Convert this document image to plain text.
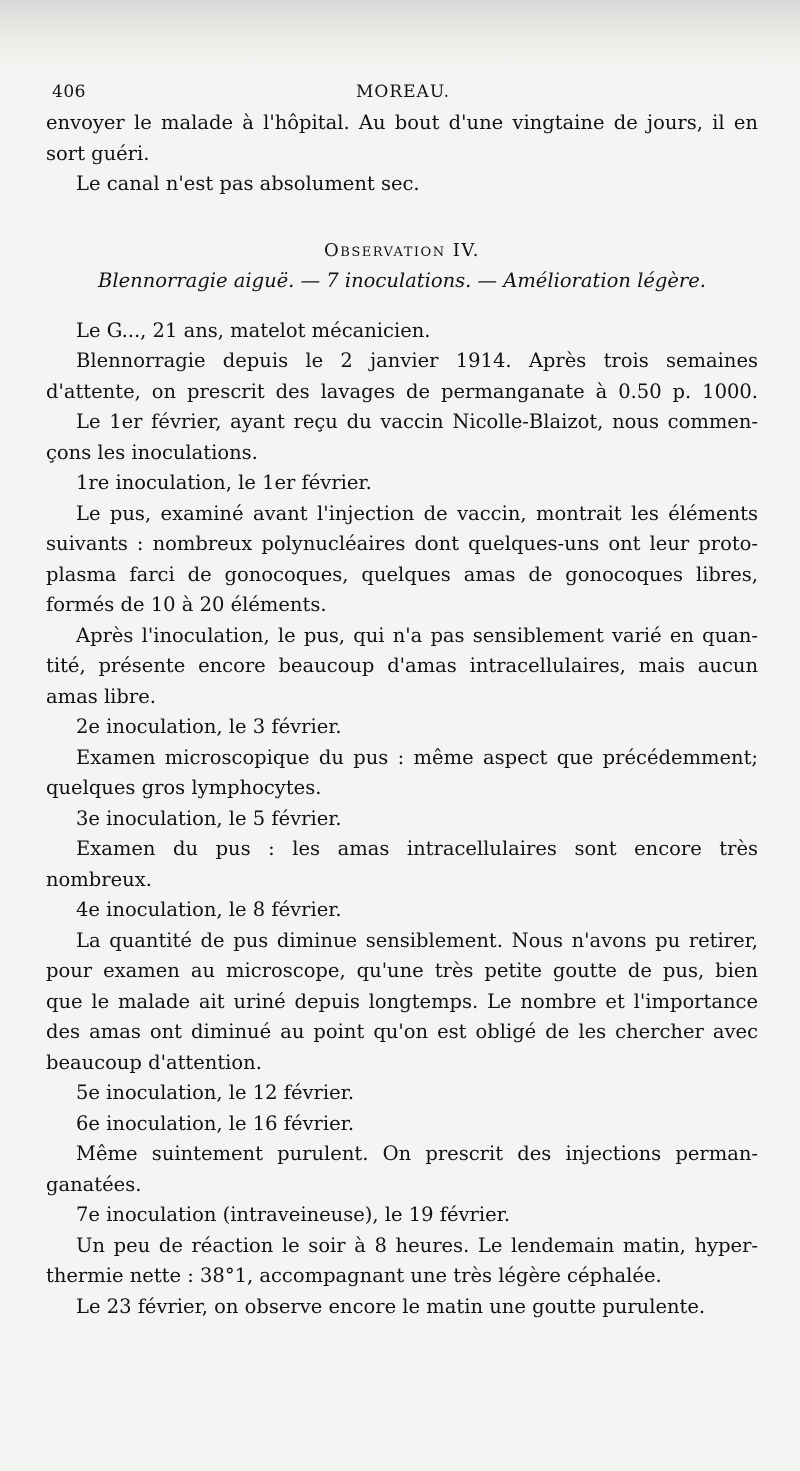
406	MOREAU.
envoyer le malade à l'hôpital. Au bout d'une vingtaine de jours, il en
sort guéri.
Le canal n'est pas absolument sec.
Observation IV.
Blennorragie aiguë. — 7 inoculations. — Amélioration légère.
Le G..., 21 ans, matelot mécanicien.
Blennorragie depuis le 2 janvier 1914. Après trois semaines
d'attente, on prescrit des lavages de permanganate à 0.50 p. 1000.
Le 1er février, ayant reçu du vaccin Nicolle-Blaizot, nous commen-
çons les inoculations.
1re inoculation, le 1er février.
Le pus, examiné avant l'injection de vaccin, montrait les éléments
suivants : nombreux polynucléaires dont quelques-uns ont leur proto-
plasma farci de gonocoques, quelques amas de gonocoques libres,
formés de 10 à 20 éléments.
Après l'inoculation, le pus, qui n'a pas sensiblement varié en quan-
tité, présente encore beaucoup d'amas intracellulaires, mais aucun
amas libre.
2e inoculation, le 3 février.
Examen microscopique du pus : même aspect que précédemment;
quelques gros lymphocytes.
3e inoculation, le 5 février.
Examen du pus : les amas intracellulaires sont encore très
nombreux.
4e inoculation, le 8 février.
La quantité de pus diminue sensiblement. Nous n'avons pu retirer,
pour examen au microscope, qu'une très petite goutte de pus, bien
que le malade ait uriné depuis longtemps. Le nombre et l'importance
des amas ont diminué au point qu'on est obligé de les chercher avec
beaucoup d'attention.
5e inoculation, le 12 février.
6e inoculation, le 16 février.
Même suintement purulent. On prescrit des injections perman-
ganatées.
7e inoculation (intraveineuse), le 19 février.
Un peu de réaction le soir à 8 heures. Le lendemain matin, hyper-
thermie nette : 38°1, accompagnant une très légère céphalée.
Le 23 février, on observe encore le matin une goutte purulente.
